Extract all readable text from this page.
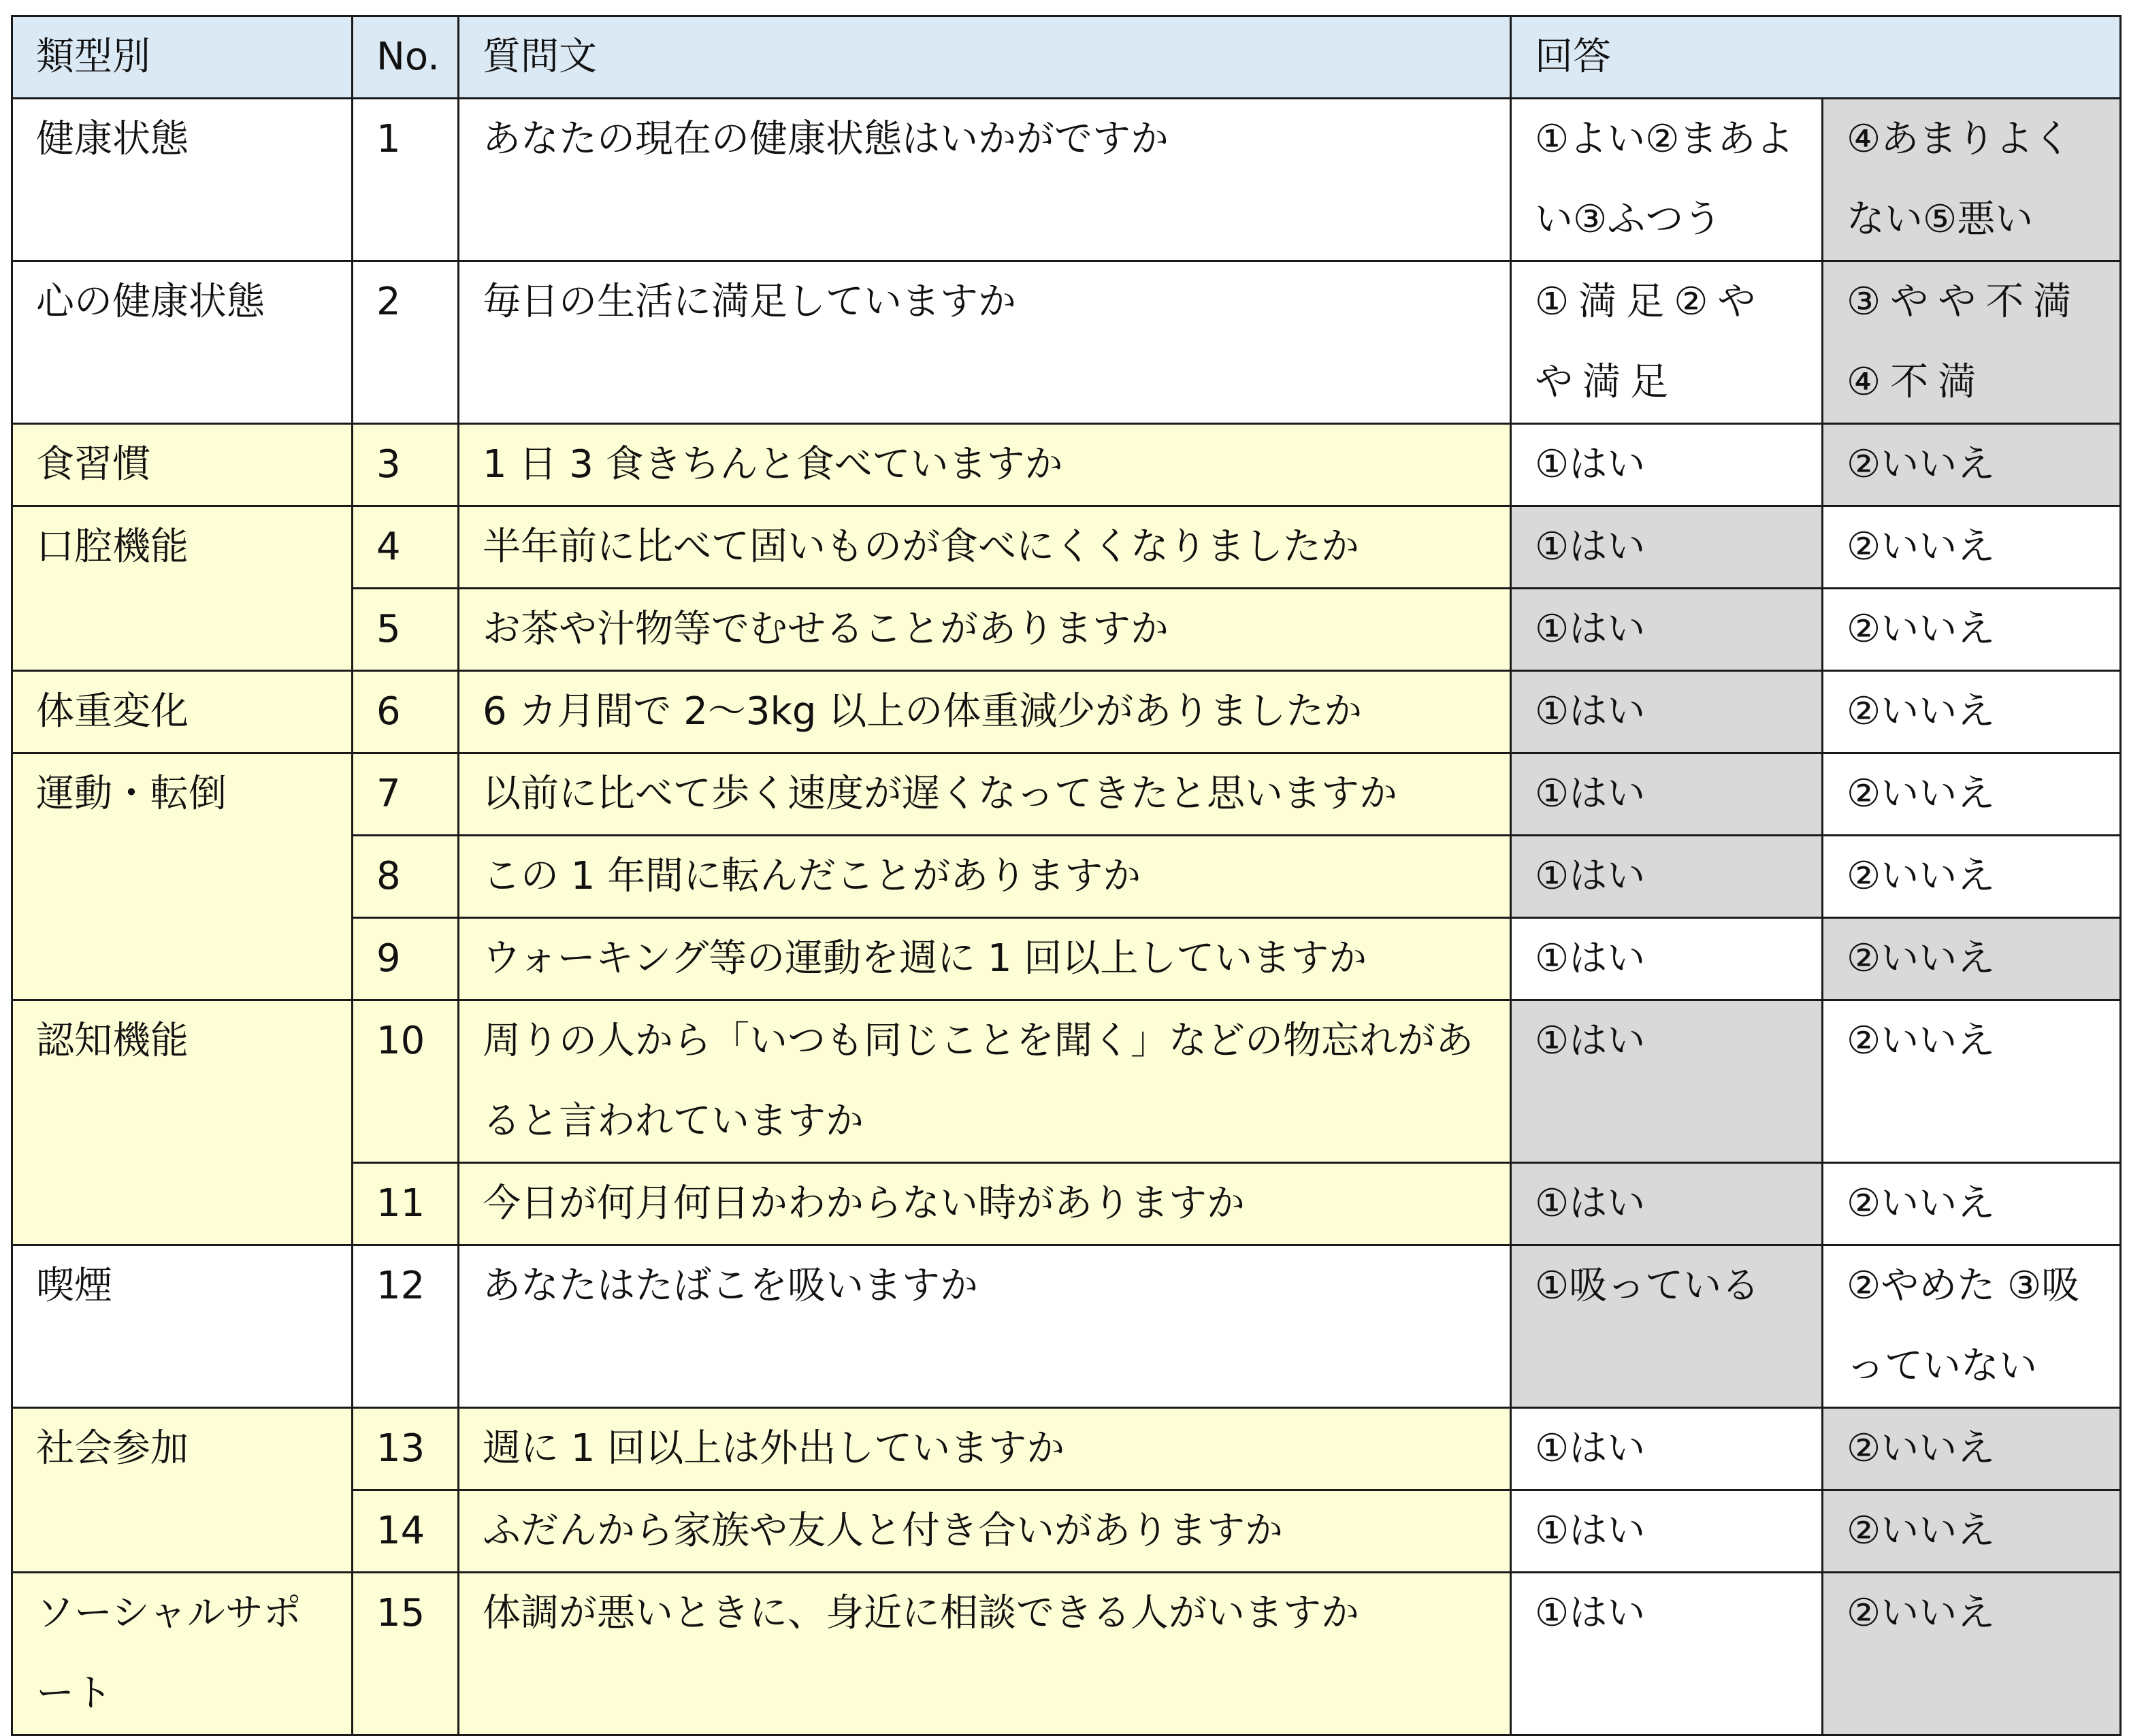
類型別	No.	質問文	回答	
健康状態	1	あなたの現在の健康状態はいかがですか	①よい②まあよい③ふつう	④あまりよくない⑤悪い
心の健康状態	2	毎日の生活に満足していますか	①満足②やや満足	③やや不満④不満
食習慣	3	1 日 3 食きちんと食べていますか	①はい	②いいえ
口腔機能	4	半年前に比べて固いものが食べにくくなりましたか	①はい	②いいえ
	5	お茶や汁物等でむせることがありますか	①はい	②いいえ
体重変化	6	6 カ月間で 2～3kg 以上の体重減少がありましたか	①はい	②いいえ
運動・転倒	7	以前に比べて歩く速度が遅くなってきたと思いますか	①はい	②いいえ
	8	この 1 年間に転んだことがありますか	①はい	②いいえ
	9	ウォーキング等の運動を週に 1 回以上していますか	①はい	②いいえ
認知機能	10	周りの人から「いつも同じことを聞く」などの物忘れがあると言われていますか	①はい	②いいえ
	11	今日が何月何日かわからない時がありますか	①はい	②いいえ
喫煙	12	あなたはたばこを吸いますか	①吸っている	②やめた ③吸っていない
社会参加	13	週に 1 回以上は外出していますか	①はい	②いいえ
	14	ふだんから家族や友人と付き合いがありますか	①はい	②いいえ
ソーシャルサポート	15	体調が悪いときに、身近に相談できる人がいますか	①はい	②いいえ
